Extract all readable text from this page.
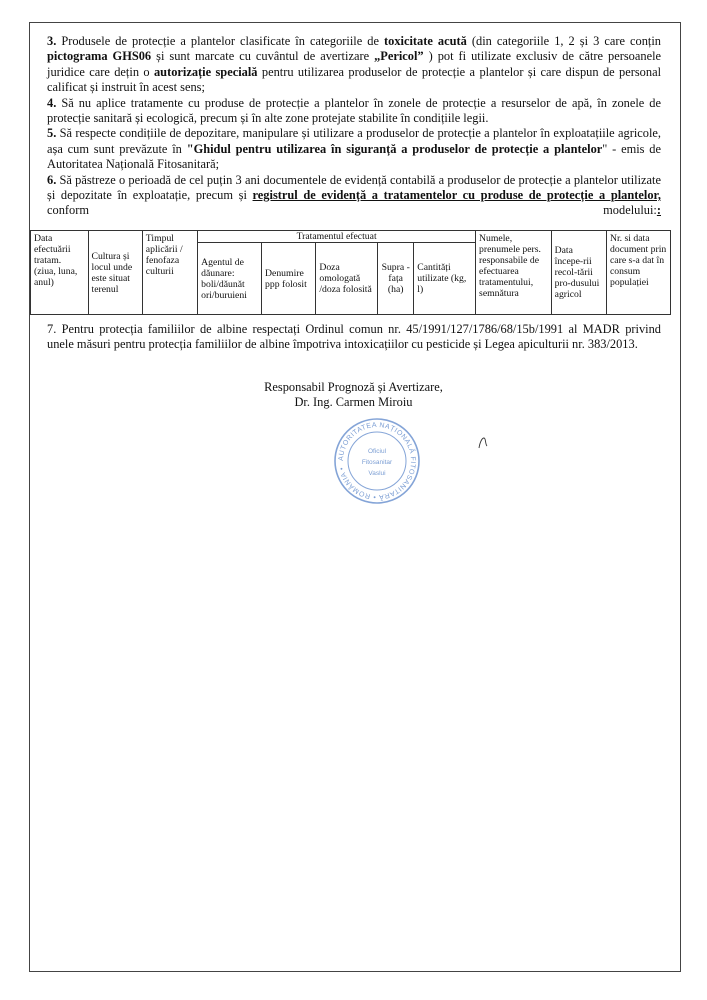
3. Produsele de protecție a plantelor clasificate în categoriile de toxicitate acută (din categoriile 1, 2 și 3 care conțin pictograma GHS06 și sunt marcate cu cuvântul de avertizare „Pericol” ) pot fi utilizate exclusiv de către persoanele juridice care dețin o autorizație specială pentru utilizarea produselor de protecție a plantelor și care dispun de personal calificat și instruit în acest sens;

4. Să nu aplice tratamente cu produse de protecție a plantelor în zonele de protecție a resurselor de apă, în zonele de protecție sanitară și ecologică, precum și în alte zone protejate stabilite în condițiile legii.

5. Să respecte condițiile de depozitare, manipulare și utilizare a produselor de protecție a plantelor în exploatațiile agricole, așa cum sunt prevăzute în "Ghidul pentru utilizarea în siguranță a produselor de protecție a plantelor" - emis de Autoritatea Națională Fitosanitară;

6. Să păstreze o perioadă de cel puțin 3 ani documentele de evidență contabilă a produselor de protecție a plantelor utilizate și depozitate în exploatație, precum și registrul de evidență a tratamentelor cu produse de protecție a plantelor, conform modelului::

Data efectuării tratam. (ziua, luna, anul)	Cultura și locul unde este situat terenul	Timpul aplicării / fenofaza culturii	Tratamentul efectuat					Numele, prenumele pers. responsabile de efectuarea tratamentului, semnătura	Data începe-rii recol-tării pro-dusului agricol	Nr. si data document prin care s-a dat în consum populației
			Agentul de dăunare: boli/dăunăt ori/buruieni	Denumire ppp folosit	Doza omologată /doza folosită	Supra -fața (ha)	Cantități utilizate (kg, l)			

7. Pentru protecția familiilor de albine respectați Ordinul comun nr. 45/1991/127/1786/68/15b/1991 al MADR privind unele măsuri pentru protecția familiilor de albine împotriva intoxicațiilor cu pesticide și Legea apiculturii nr. 383/2013.

Responsabil Prognoză și Avertizare,
Dr. Ing. Carmen Miroiu
AUTORITATEA NAȚIONALĂ FITOSANITARĂ • ROMÂNIA •
Oficiul
Fitosanitar
Vaslui
